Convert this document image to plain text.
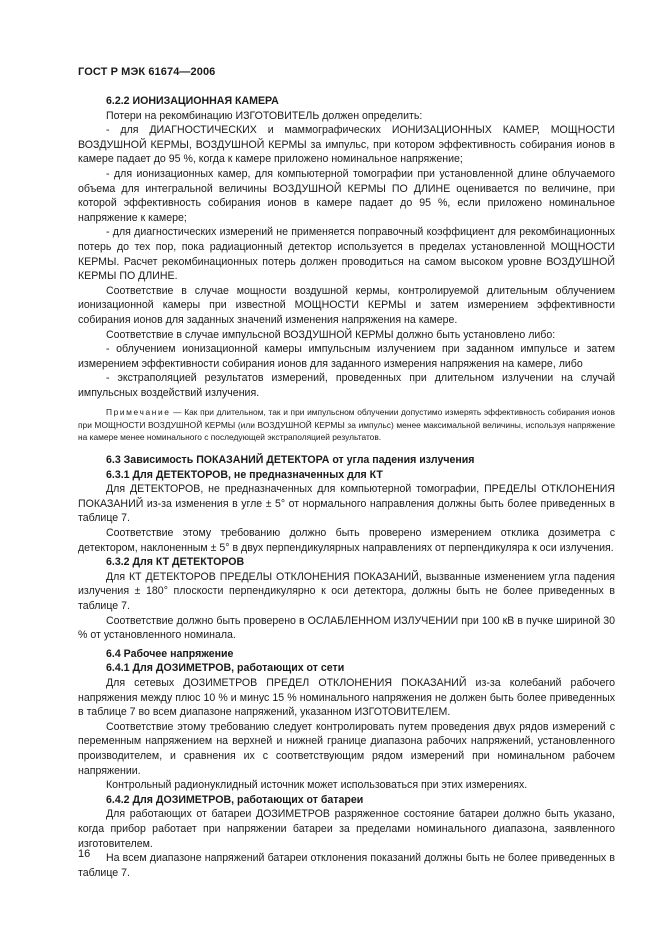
ГОСТ Р МЭК 61674—2006

6.2.2 ИОНИЗАЦИОННАЯ КАМЕРА

Потери на рекомбинацию ИЗГОТОВИТЕЛЬ должен определить:

- для ДИАГНОСТИЧЕСКИХ и маммографических ИОНИЗАЦИОННЫХ КАМЕР, МОЩНОСТИ ВОЗДУШНОЙ КЕРМЫ, ВОЗДУШНОЙ КЕРМЫ за импульс, при котором эффективность собирания ионов в камере падает до 95 %, когда к камере приложено номинальное напряжение;

- для ионизационных камер, для компьютерной томографии при установленной длине облучаемого объема для интегральной величины ВОЗДУШНОЙ КЕРМЫ ПО ДЛИНЕ оценивается по величине, при которой эффективность собирания ионов в камере падает до 95 %, если приложено номинальное напряжение к камере;

- для диагностических измерений не применяется поправочный коэффициент для рекомбинационных потерь до тех пор, пока радиационный детектор используется в пределах установленной МОЩНОСТИ КЕРМЫ. Расчет рекомбинационных потерь должен проводиться на самом высоком уровне ВОЗДУШНОЙ КЕРМЫ ПО ДЛИНЕ.

Соответствие в случае мощности воздушной кермы, контролируемой длительным облучением ионизационной камеры при известной МОЩНОСТИ КЕРМЫ и затем измерением эффективности собирания ионов для заданных значений изменения напряжения на камере.

Соответствие в случае импульсной ВОЗДУШНОЙ КЕРМЫ должно быть установлено либо:

- облучением ионизационной камеры импульсным излучением при заданном импульсе и затем измерением эффективности собирания ионов для заданного измерения напряжения на камере, либо

- экстраполяцией результатов измерений, проведенных при длительном излучении на случай импульсных воздействий излучения.

Примечание — Как при длительном, так и при импульсном облучении допустимо измерять эффективность собирания ионов при МОЩНОСТИ ВОЗДУШНОЙ КЕРМЫ (или ВОЗДУШНОЙ КЕРМЫ за импульс) менее максимальной величины, используя напряжение на камере менее номинального с последующей экстраполяцией результатов.

6.3 Зависимость ПОКАЗАНИЙ ДЕТЕКТОРА от угла падения излучения

6.3.1 Для ДЕТЕКТОРОВ, не предназначенных для КТ

Для ДЕТЕКТОРОВ, не предназначенных для компьютерной томографии, ПРЕДЕЛЫ ОТКЛОНЕНИЯ ПОКАЗАНИЙ из-за изменения в угле ± 5° от нормального направления должны быть более приведенных в таблице 7.

Соответствие этому требованию должно быть проверено измерением отклика дозиметра с детектором, наклоненным ± 5° в двух перпендикулярных направлениях от перпендикуляра к оси излучения.

6.3.2 Для КТ ДЕТЕКТОРОВ

Для КТ ДЕТЕКТОРОВ ПРЕДЕЛЫ ОТКЛОНЕНИЯ ПОКАЗАНИЙ, вызванные изменением угла падения излучения ± 180° плоскости перпендикулярно к оси детектора, должны быть не более приведенных в таблице 7.

Соответствие должно быть проверено в ОСЛАБЛЕННОМ ИЗЛУЧЕНИИ при 100 кВ в пучке шириной 30 % от установленного номинала.

6.4 Рабочее напряжение

6.4.1 Для ДОЗИМЕТРОВ, работающих от сети

Для сетевых ДОЗИМЕТРОВ ПРЕДЕЛ ОТКЛОНЕНИЯ ПОКАЗАНИЙ из-за колебаний рабочего напряжения между плюс 10 % и минус 15 % номинального напряжения не должен быть более приведенных в таблице 7 во всем диапазоне напряжений, указанном ИЗГОТОВИТЕЛЕМ.

Соответствие этому требованию следует контролировать путем проведения двух рядов измерений с переменным напряжением на верхней и нижней границе диапазона рабочих напряжений, установленного производителем, и сравнения их с соответствующим рядом измерений при номинальном рабочем напряжении.

Контрольный радионуклидный источник может использоваться при этих измерениях.

6.4.2 Для ДОЗИМЕТРОВ, работающих от батареи

Для работающих от батареи ДОЗИМЕТРОВ разряженное состояние батареи должно быть указано, когда прибор работает при напряжении батареи за пределами номинального диапазона, заявленного изготовителем.

На всем диапазоне напряжений батареи отклонения показаний должны быть не более приведенных в таблице 7.

16
